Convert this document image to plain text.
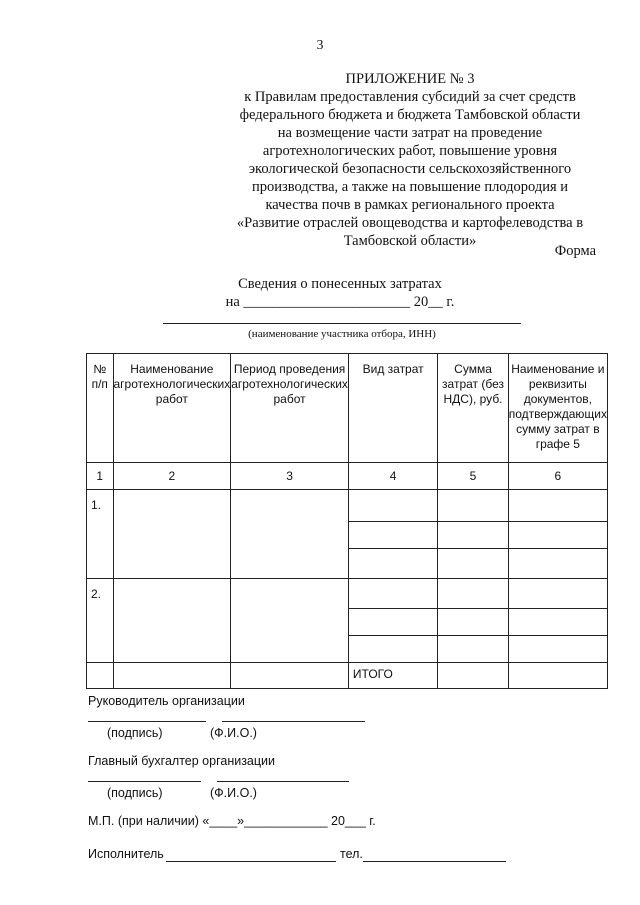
3
ПРИЛОЖЕНИЕ № 3
к Правилам предоставления субсидий за счет средств
федерального бюджета и бюджета Тамбовской области
на возмещение части затрат на проведение
агротехнологических работ, повышение уровня
экологической безопасности сельскохозяйственного
производства, а также на повышение плодородия и
качества почв в рамках регионального проекта
«Развитие отраслей овощеводства и картофелеводства в
Тамбовской области»
Форма
Сведения о понесенных затратах
на _______________________ 20__ г.
(наименование участника отбора, ИНН)
№ п/п	Наименование агротехнологических работ	Период проведения агротехнологических работ	Вид затрат	Сумма затрат (без НДС), руб.	Наименование и реквизиты документов, подтверждающих сумму затрат в графе 5
1	2	3	4	5	6
1.					

2.					

			ИТОГО		
Руководитель организации
(подпись)	(Ф.И.О.)
Главный бухгалтер организации
(подпись)	(Ф.И.О.)
М.П. (при наличии) «____»____________ 20___ г.
Исполнитель	тел.
